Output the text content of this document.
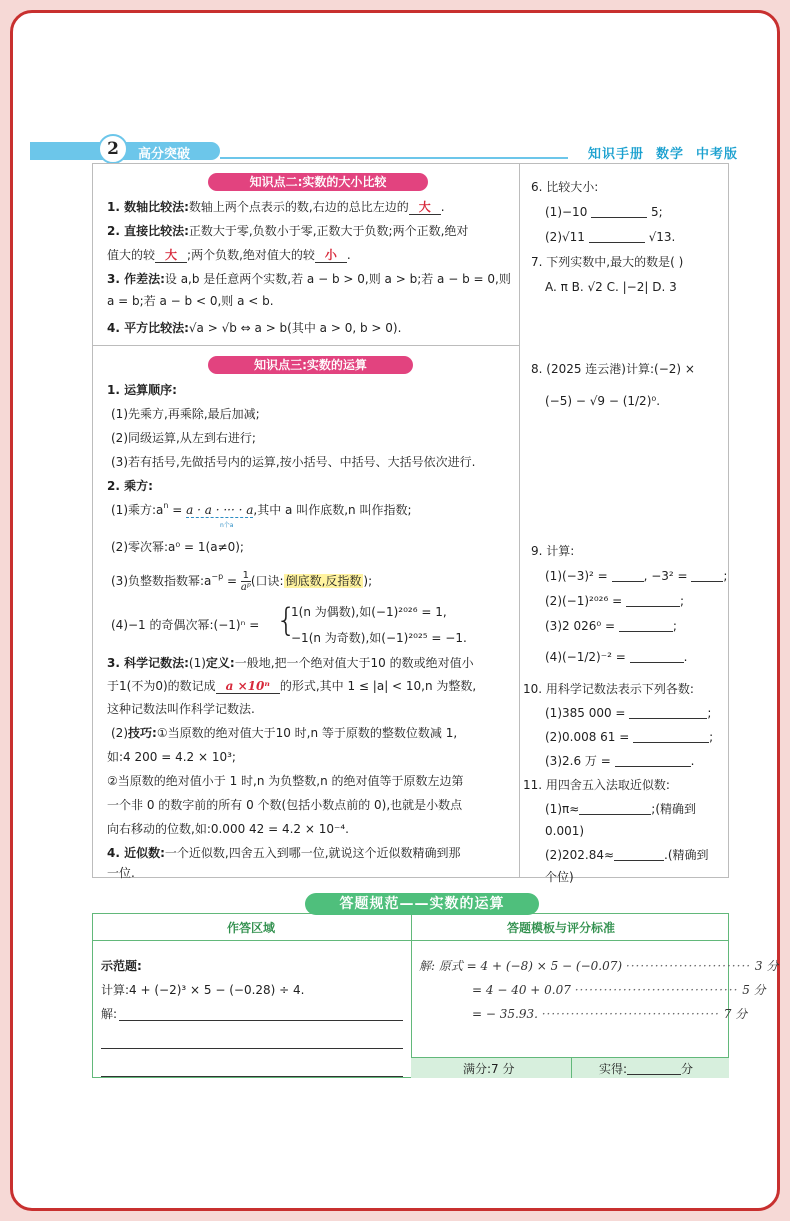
2	高分突破	知识手册 数学 中考版
知识点二:实数的大小比较
1. 数轴比较法:数轴上两个点表示的数,右边的总比左边的 大 .
2. 直接比较法:正数大于零,负数小于零,正数大于负数;两个正数,绝对
值大的较 大 ;两个负数,绝对值大的较 小 .
3. 作差法:设 a,b 是任意两个实数,若 a − b > 0,则 a > b;若 a − b = 0,则
a = b;若 a − b < 0,则 a < b.
4. 平方比较法:√a > √b ⇔ a > b(其中 a > 0, b > 0).
知识点三:实数的运算
1. 运算顺序:
(1)先乘方,再乘除,最后加减;
(2)同级运算,从左到右进行;
(3)若有括号,先做括号内的运算,按小括号、中括号、大括号依次进行.
2. 乘方:
(1)乘方$:a^n = a \cdot a$ · ··· · a,其中 a 叫作底数,n 叫作指数;
n个a
(2)零次幂:a⁰ = 1(a≠0);
(3)负整数指数幂$:a^{-p} = \frac{1}{\text{aᵖ}}$ (口诀: 倒底数,反指数 );
(4)−1 的奇偶次幂:(−1)ⁿ = {
1(n 为偶数),如(−1)²⁰²⁶ = 1,
−1(n 为奇数),如(−1)²⁰²⁵ = −1.
3. 科学记数法:(1)定义:一般地,把一个绝对值大于10 的数或绝对值小
于1(不为0)的数记成 a ×10ⁿ 的形式,其中 1 ≤ |a| < 10,n 为整数,
这种记数法叫作科学记数法.
(2)技巧:①当原数的绝对值大于10 时,n 等于原数的整数位数减 1,
如:4 200 = 4.2 × 10³;
②当原数的绝对值小于 1 时,n 为负整数,n 的绝对值等于原数左边第
一个非 0 的数字前的所有 0 个数(包括小数点前的 0),也就是小数点
向右移动的位数,如:0.000 42 = 4.2 × 10⁻⁴.
4. 近似数:一个近似数,四舍五入到哪一位,就说这个近似数精确到那
一位.
6. 比较大小:
(1)−10	5;
(2)√11	√13.
7. 下列实数中,最大的数是( )
A. π B. √2 C. |−2| D. 3
8. (2025 连云港)计算:(−2) ×
(−5) − √9 − (1/2)⁰.
9. 计算:
(1)(−3)² =	, −3² =	;
(2)(−1)²⁰²⁶ =	;
(3)2 026⁰ =	;
(4)(−1/2)⁻² =	.
10. 用科学记数法表示下列各数:
(1)385 000 =	;
(2)0.008 61 =	;
(3)2.6 万 =	.
11. 用四舍五入法取近似数:
(1)π≈	;(精确到
0.001)
(2)202.84≈	.(精确到
个位)
作答区域	答题模板与评分标准
示范题:
计算:4 + (−2)³ × 5 − (−0.28) ÷ 4.
解:
解: 原式 = 4 + (−8) × 5 − (−0.07) ·························· 3 分
= 4 − 40 + 0.07 ·································· 5 分
= − 35.93. ····································· 7 分
满分:7 分	实得:	分
答题规范——实数的运算
